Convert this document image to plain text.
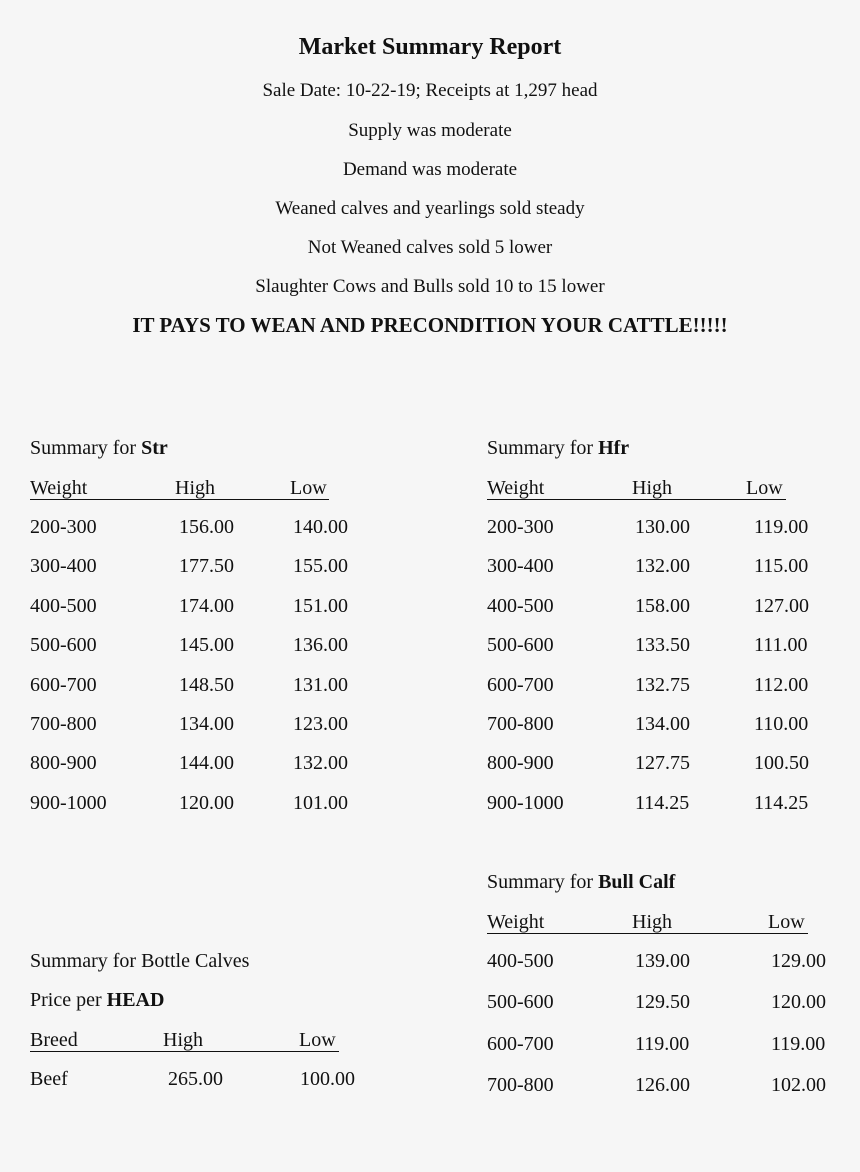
Market Summary Report
Sale Date: 10-22-19; Receipts at 1,297 head
Supply was moderate
Demand was moderate
Weaned calves and yearlings sold steady
Not Weaned calves sold 5 lower
Slaughter Cows and Bulls sold 10 to 15 lower
IT PAYS TO WEAN AND PRECONDITION YOUR CATTLE!!!!!
Summary for Str
Weight	High	Low
200-300	156.00	140.00
300-400	177.50	155.00
400-500	174.00	151.00
500-600	145.00	136.00
600-700	148.50	131.00
700-800	134.00	123.00
800-900	144.00	132.00
900-1000	120.00	101.00
Summary for Hfr
Weight	High	Low
200-300	130.00	119.00
300-400	132.00	115.00
400-500	158.00	127.00
500-600	133.50	111.00
600-700	132.75	112.00
700-800	134.00	110.00
800-900	127.75	100.50
900-1000	114.25	114.25
Summary for Bull Calf
Weight	High	Low
400-500	139.00	129.00
500-600	129.50	120.00
600-700	119.00	119.00
700-800	126.00	102.00
Summary for Bottle Calves
Price per HEAD
Breed	High	Low
Beef	265.00	100.00
